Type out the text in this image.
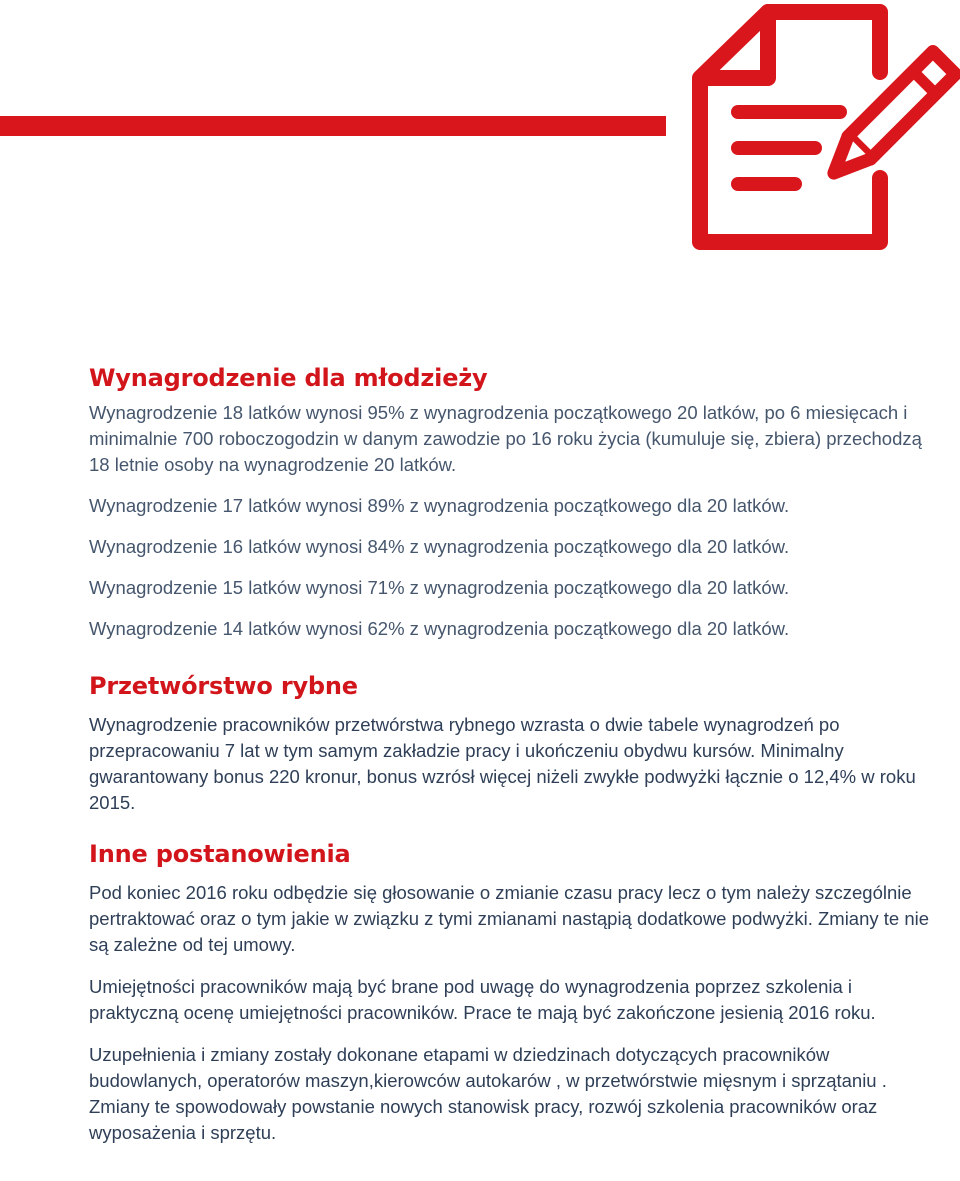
Wynagrodzenie dla młodzieży

Wynagrodzenie 18 latków wynosi 95% z wynagrodzenia początkowego 20 latków, po 6 miesięcach i minimalnie 700 roboczogodzin w danym zawodzie po 16 roku życia (kumuluje się, zbiera) przechodzą 18 letnie osoby na wynagrodzenie 20 latków.

Wynagrodzenie 17 latków wynosi 89% z wynagrodzenia początkowego dla 20 latków.

Wynagrodzenie 16 latków wynosi 84% z wynagrodzenia początkowego dla 20 latków.

Wynagrodzenie 15 latków wynosi 71% z wynagrodzenia początkowego dla 20 latków.

Wynagrodzenie 14 latków wynosi 62% z wynagrodzenia początkowego dla 20 latków.

Przetwórstwo rybne

Wynagrodzenie pracowników przetwórstwa rybnego wzrasta o dwie tabele wynagrodzeń po przepracowaniu 7 lat w tym samym zakładzie pracy i ukończeniu obydwu kursów. Minimalny gwarantowany bonus 220 kronur, bonus wzrósł więcej niżeli zwykłe podwyżki łącznie o 12,4% w roku 2015.

Inne postanowienia

Pod koniec 2016 roku odbędzie się głosowanie o zmianie czasu pracy lecz o tym należy szczególnie pertraktować oraz o tym jakie w związku z tymi zmianami nastąpią dodatkowe podwyżki. Zmiany te nie są zależne od tej umowy.

Umiejętności pracowników mają być brane pod uwagę do wynagrodzenia poprzez szkolenia i praktyczną ocenę umiejętności pracowników. Prace te mają być zakończone jesienią 2016 roku.

Uzupełnienia i zmiany zostały dokonane etapami w dziedzinach dotyczących pracowników budowlanych, operatorów maszyn,kierowców autokarów , w przetwórstwie mięsnym i sprzątaniu . Zmiany te spowodowały powstanie nowych stanowisk pracy, rozwój szkolenia pracowników oraz wyposażenia i sprzętu.
